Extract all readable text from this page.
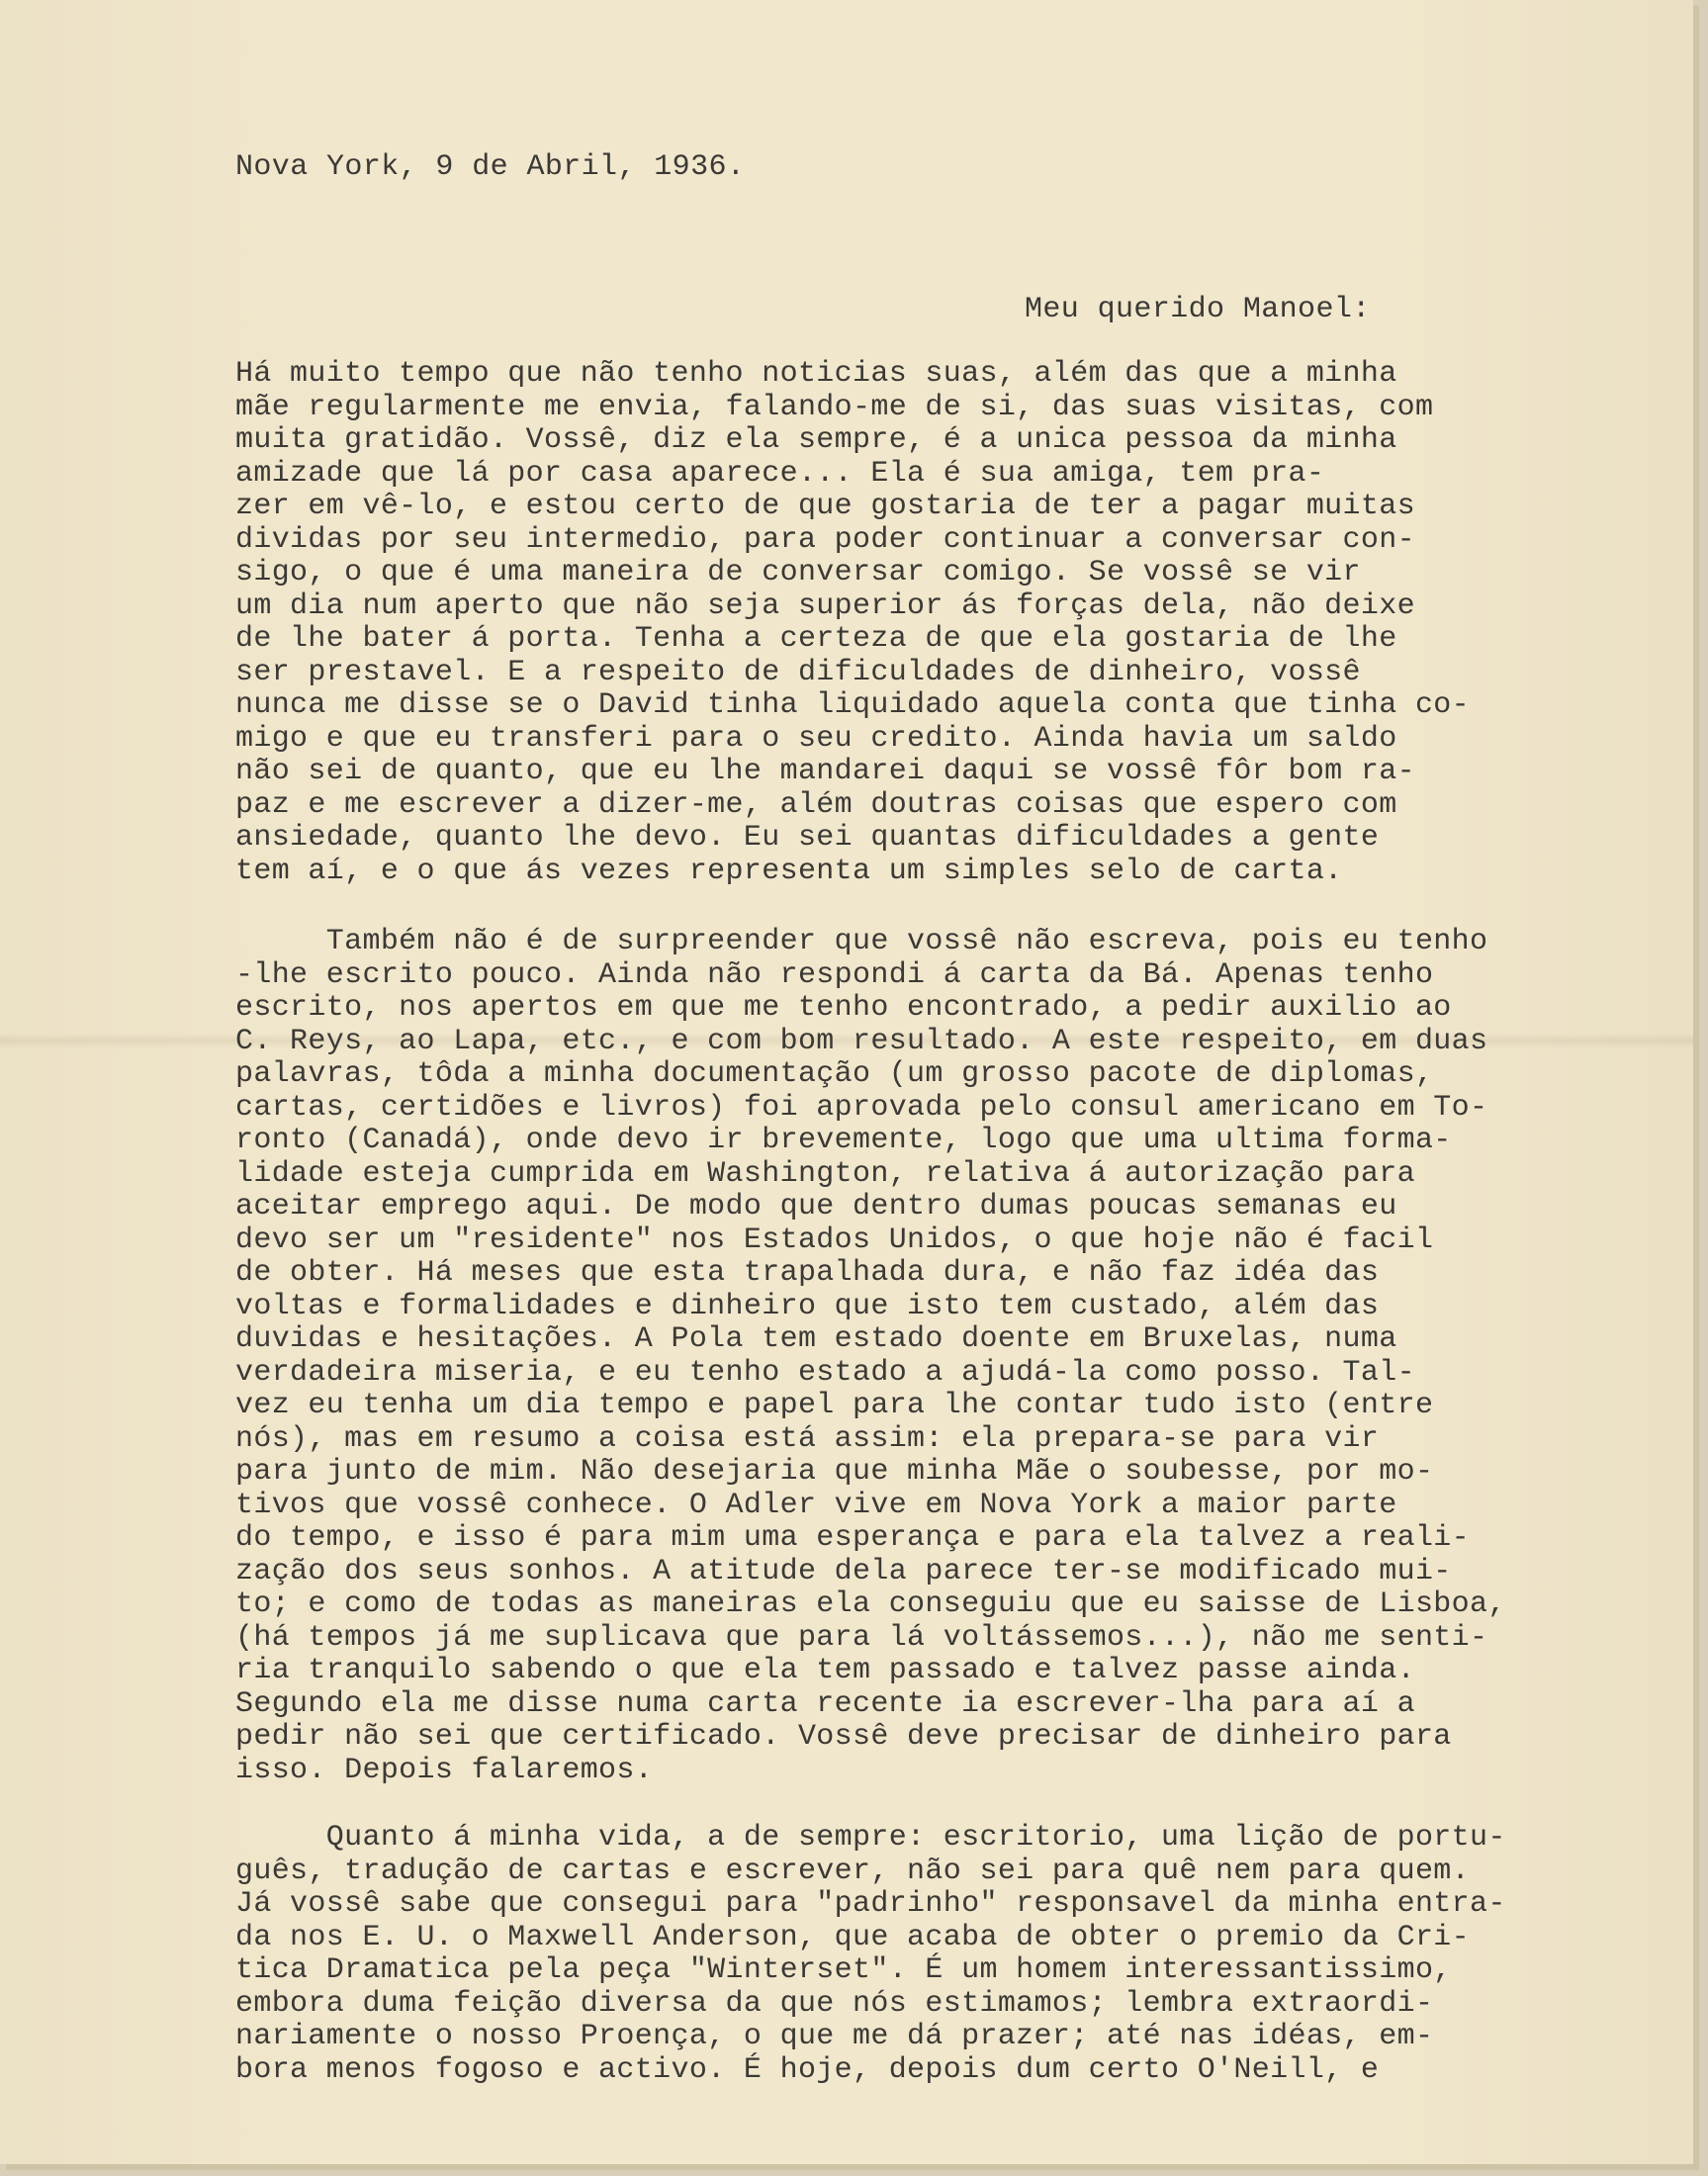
Nova York, 9 de Abril, 1936.
Meu querido Manoel:
Há muito tempo que não tenho noticias suas, além das que a minha
mãe regularmente me envia, falando-me de si, das suas visitas, com
muita gratidão. Vossê, diz ela sempre, é a unica pessoa da minha
amizade que lá por casa aparece... Ela é sua amiga, tem pra-
zer em vê-lo, e estou certo de que gostaria de ter a pagar muitas
dividas por seu intermedio, para poder continuar a conversar con-
sigo, o que é uma maneira de conversar comigo. Se vossê se vir
um dia num aperto que não seja superior ás forças dela, não deixe
de lhe bater á porta. Tenha a certeza de que ela gostaria de lhe
ser prestavel. E a respeito de dificuldades de dinheiro, vossê
nunca me disse se o David tinha liquidado aquela conta que tinha co-
migo e que eu transferi para o seu credito. Ainda havia um saldo
não sei de quanto, que eu lhe mandarei daqui se vossê fôr bom ra-
paz e me escrever a dizer-me, além doutras coisas que espero com
ansiedade, quanto lhe devo. Eu sei quantas dificuldades a gente
tem aí, e o que ás vezes representa um simples selo de carta.
Também não é de surpreender que vossê não escreva, pois eu tenho
-lhe escrito pouco. Ainda não respondi á carta da Bá. Apenas tenho
escrito, nos apertos em que me tenho encontrado, a pedir auxilio ao
C. Reys, ao Lapa, etc., e com bom resultado. A este respeito, em duas
palavras, tôda a minha documentação (um grosso pacote de diplomas,
cartas, certidões e livros) foi aprovada pelo consul americano em To-
ronto (Canadá), onde devo ir brevemente, logo que uma ultima forma-
lidade esteja cumprida em Washington, relativa á autorização para
aceitar emprego aqui. De modo que dentro dumas poucas semanas eu
devo ser um "residente" nos Estados Unidos, o que hoje não é facil
de obter. Há meses que esta trapalhada dura, e não faz idéa das
voltas e formalidades e dinheiro que isto tem custado, além das
duvidas e hesitações. A Pola tem estado doente em Bruxelas, numa
verdadeira miseria, e eu tenho estado a ajudá-la como posso. Tal-
vez eu tenha um dia tempo e papel para lhe contar tudo isto (entre
nós), mas em resumo a coisa está assim: ela prepara-se para vir
para junto de mim. Não desejaria que minha Mãe o soubesse, por mo-
tivos que vossê conhece. O Adler vive em Nova York a maior parte
do tempo, e isso é para mim uma esperança e para ela talvez a reali-
zação dos seus sonhos. A atitude dela parece ter-se modificado mui-
to; e como de todas as maneiras ela conseguiu que eu saisse de Lisboa,
(há tempos já me suplicava que para lá voltássemos...), não me senti-
ria tranquilo sabendo o que ela tem passado e talvez passe ainda.
Segundo ela me disse numa carta recente ia escrever-lha para aí a
pedir não sei que certificado. Vossê deve precisar de dinheiro para
isso. Depois falaremos.
Quanto á minha vida, a de sempre: escritorio, uma lição de portu-
guês, tradução de cartas e escrever, não sei para quê nem para quem.
Já vossê sabe que consegui para "padrinho" responsavel da minha entra-
da nos E. U. o Maxwell Anderson, que acaba de obter o premio da Cri-
tica Dramatica pela peça "Winterset". É um homem interessantissimo,
embora duma feição diversa da que nós estimamos; lembra extraordi-
nariamente o nosso Proença, o que me dá prazer; até nas idéas, em-
bora menos fogoso e activo. É hoje, depois dum certo O'Neill, e
